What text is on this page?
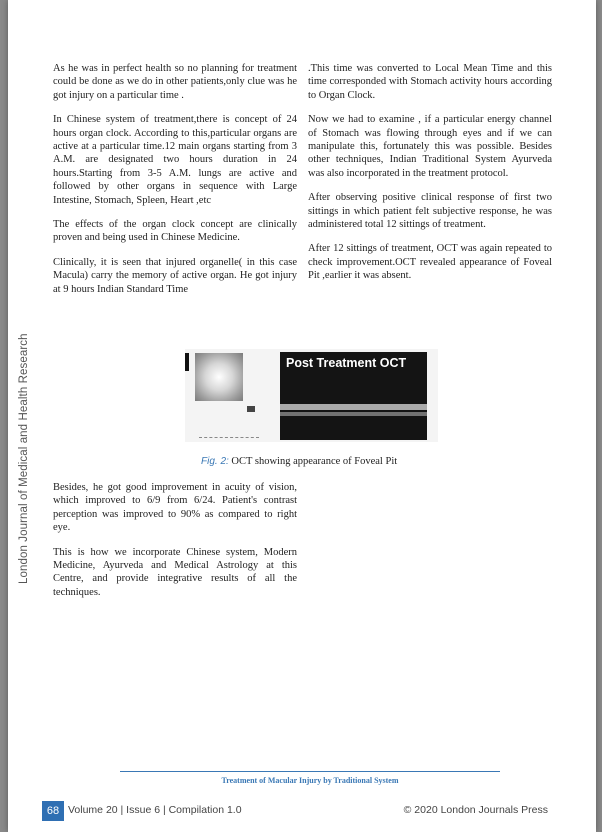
London Journal of Medical and Health Research

As he was in perfect health so no planning for treatment could be done as we do in other patients,only clue was he got injury on a particular time .

In Chinese system of treatment,there is concept of 24 hours organ clock. According to this,particular organs are active at a particular time.12 main organs starting from 3 A.M. are designated two hours duration in 24 hours.Starting from 3-5 A.M. lungs are active and followed by other organs in sequence with Large Intestine, Stomach, Spleen, Heart ,etc

The effects of the organ clock concept are clinically proven and being used in Chinese Medicine.

Clinically, it is seen that injured organelle( in this case Macula) carry the memory of active organ. He got injury at 9 hours Indian Standard Time

.This time was converted to Local Mean Time and this time corresponded with Stomach activity hours according to Organ Clock.

Now we had to examine , if a particular energy channel of Stomach was flowing through eyes and if we can manipulate this, fortunately this was possible. Besides other techniques, Indian Traditional System Ayurveda was also incorporated in the treatment protocol.

After observing positive clinical response of first two sittings in which patient felt subjective response, he was administered total 12 sittings of treatment.

After 12 sittings of treatment, OCT was again repeated to check improvement.OCT revealed appearance of Foveal Pit ,earlier it was absent.

Post Treatment OCT
Fig. 2: OCT showing appearance of Foveal Pit

Besides, he got good improvement in acuity of vision, which improved to 6/9 from 6/24. Patient's contrast perception was improved to 90% as compared to right eye.

This is how we incorporate Chinese system, Modern Medicine, Ayurveda and Medical Astrology at this Centre, and provide integrative results of all the techniques.

Treatment of Macular Injury by Traditional System
68 Volume 20 | Issue 6 | Compilation 1.0	© 2020 London Journals Press
